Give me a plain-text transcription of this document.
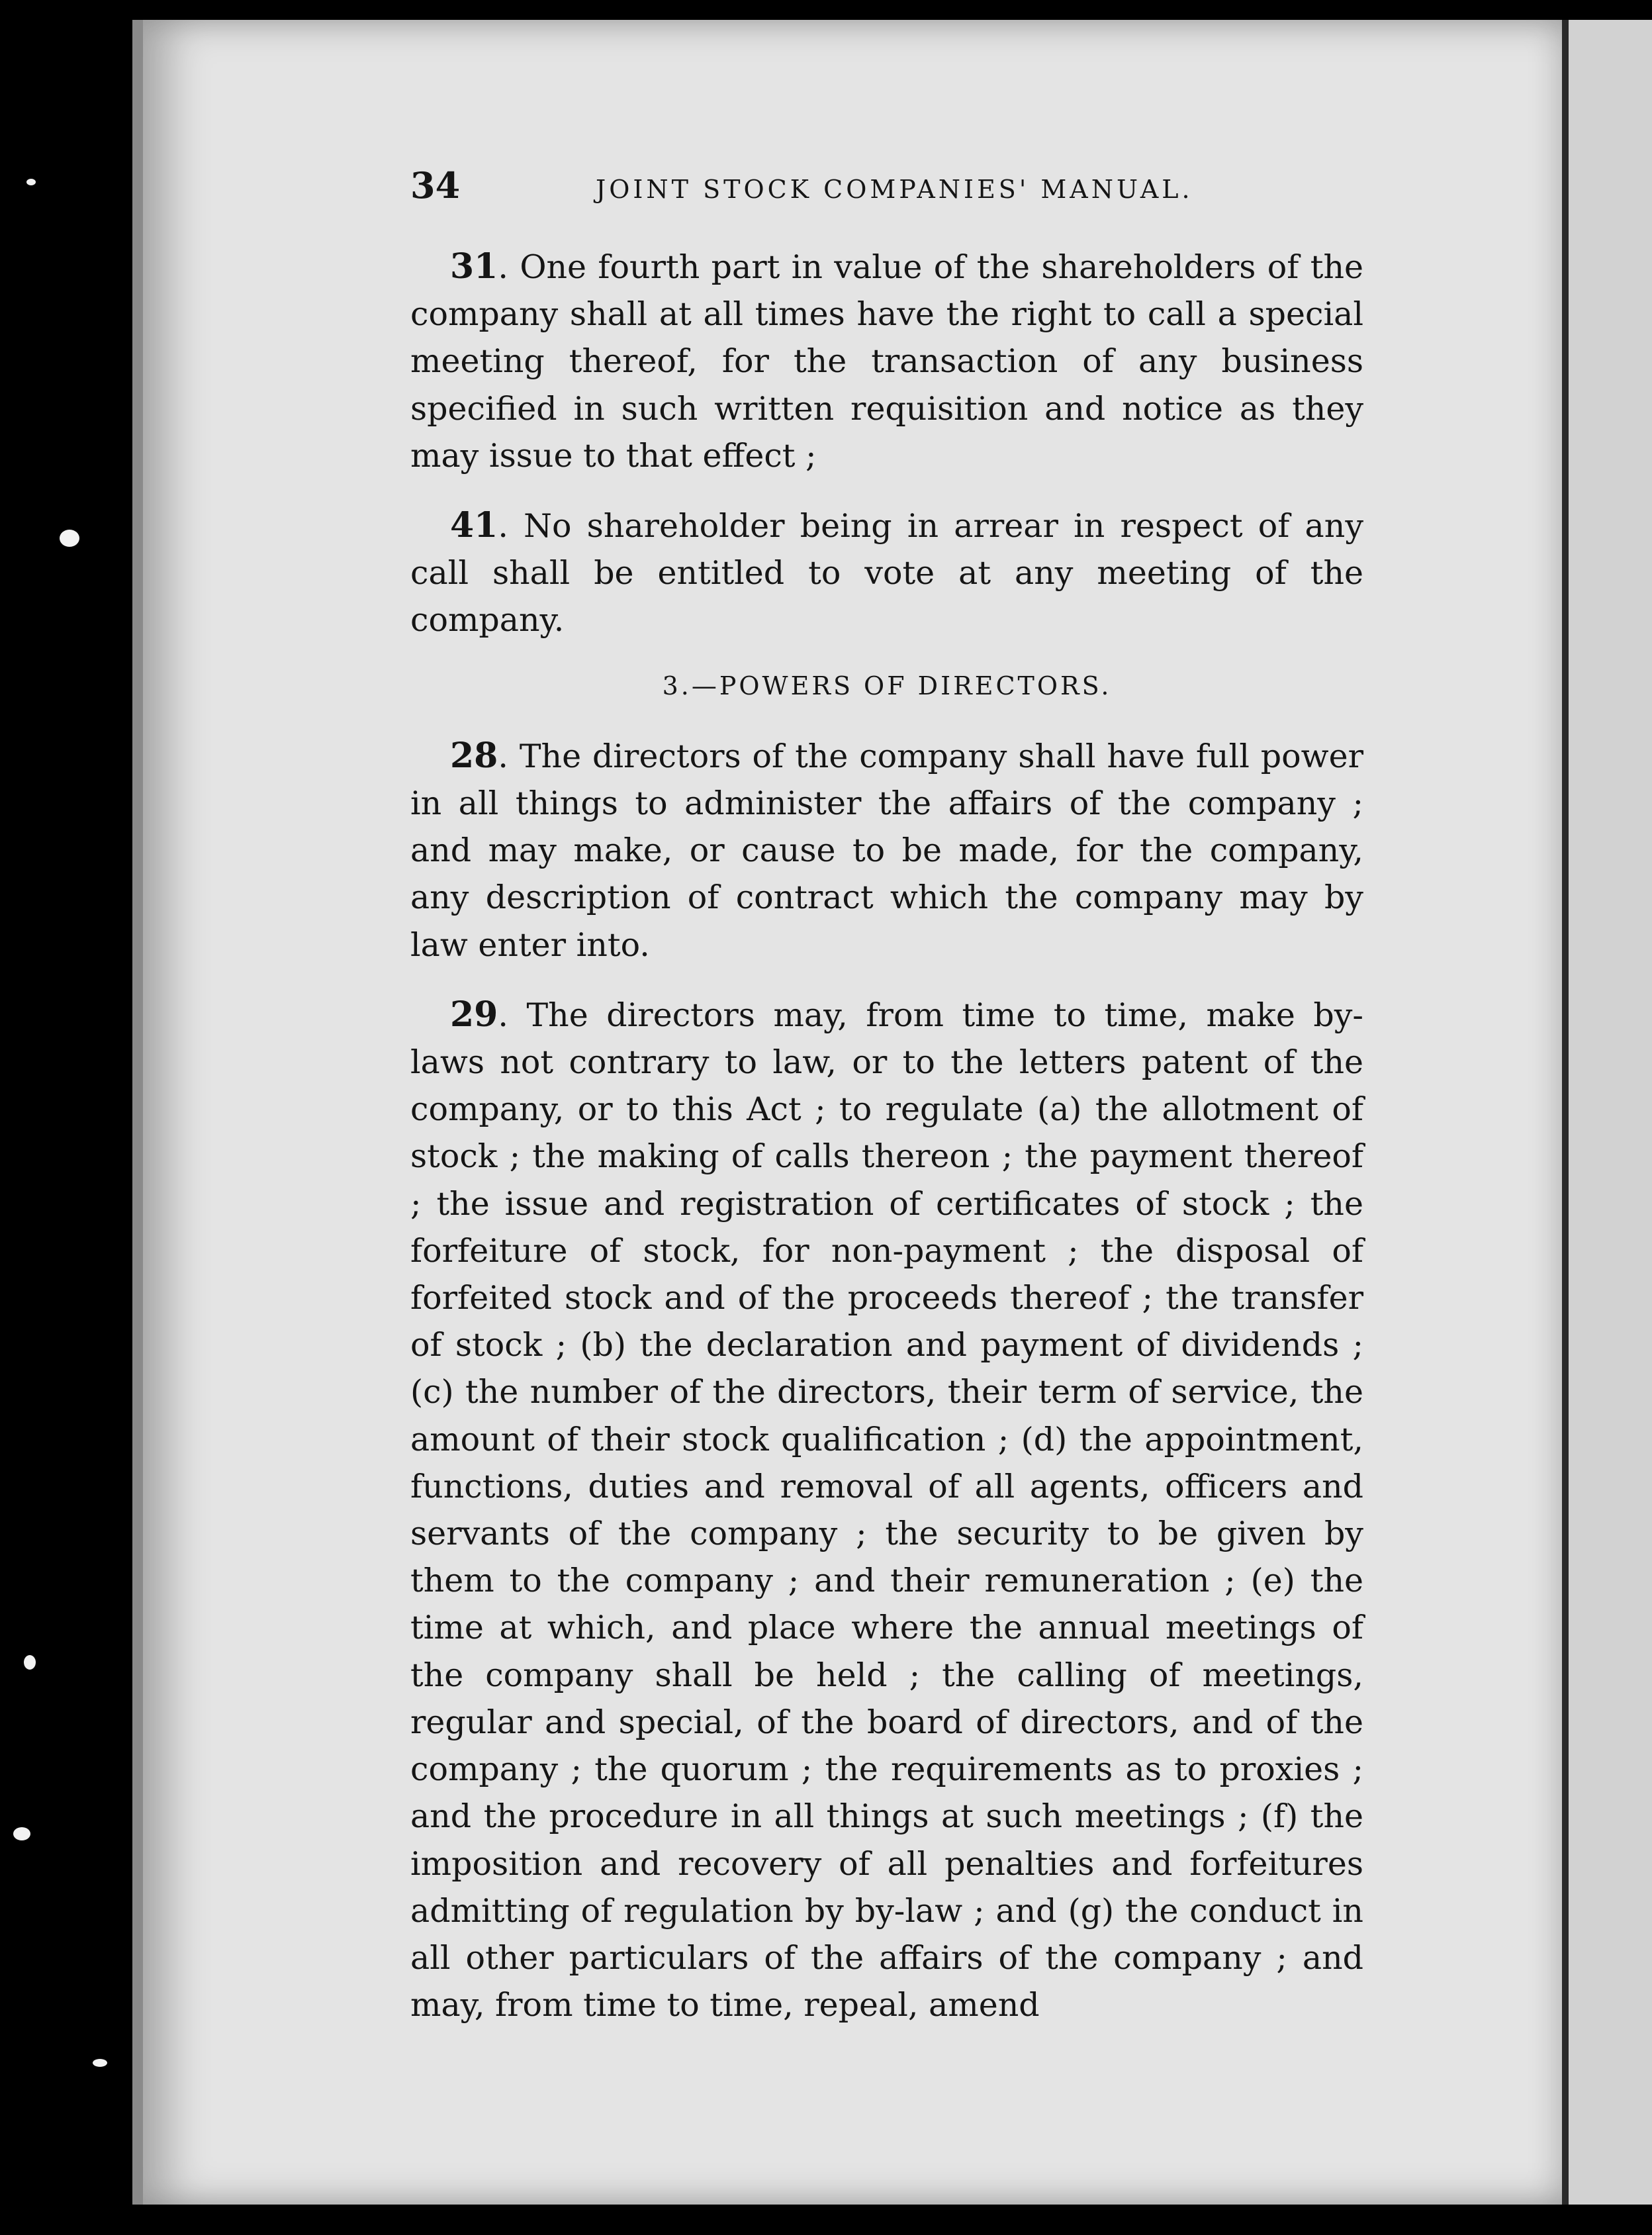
34	JOINT STOCK COMPANIES' MANUAL.

31. One fourth part in value of the shareholders of the company shall at all times have the right to call a special meeting thereof, for the transaction of any business specified in such written requisition and notice as they may issue to that effect ;

41. No shareholder being in arrear in respect of any call shall be entitled to vote at any meeting of the company.

3.—POWERS OF DIRECTORS.

28. The directors of the company shall have full power in all things to administer the affairs of the company ; and may make, or cause to be made, for the company, any description of contract which the company may by law enter into.

29. The directors may, from time to time, make by-laws not contrary to law, or to the letters patent of the company, or to this Act ; to regulate (a) the allotment of stock ; the making of calls thereon ; the payment thereof ; the issue and registration of certificates of stock ; the forfeiture of stock, for non-payment ; the disposal of forfeited stock and of the proceeds thereof ; the transfer of stock ; (b) the declaration and payment of dividends ; (c) the number of the directors, their term of service, the amount of their stock qualification ; (d) the appointment, functions, duties and removal of all agents, officers and servants of the company ; the security to be given by them to the company ; and their remuneration ; (e) the time at which, and place where the annual meetings of the company shall be held ; the calling of meetings, regular and special, of the board of directors, and of the company ; the quorum ; the requirements as to proxies ; and the procedure in all things at such meetings ; (f) the imposition and recovery of all penalties and forfeitures admitting of regulation by by-law ; and (g) the conduct in all other particulars of the affairs of the company ; and may, from time to time, repeal, amend
